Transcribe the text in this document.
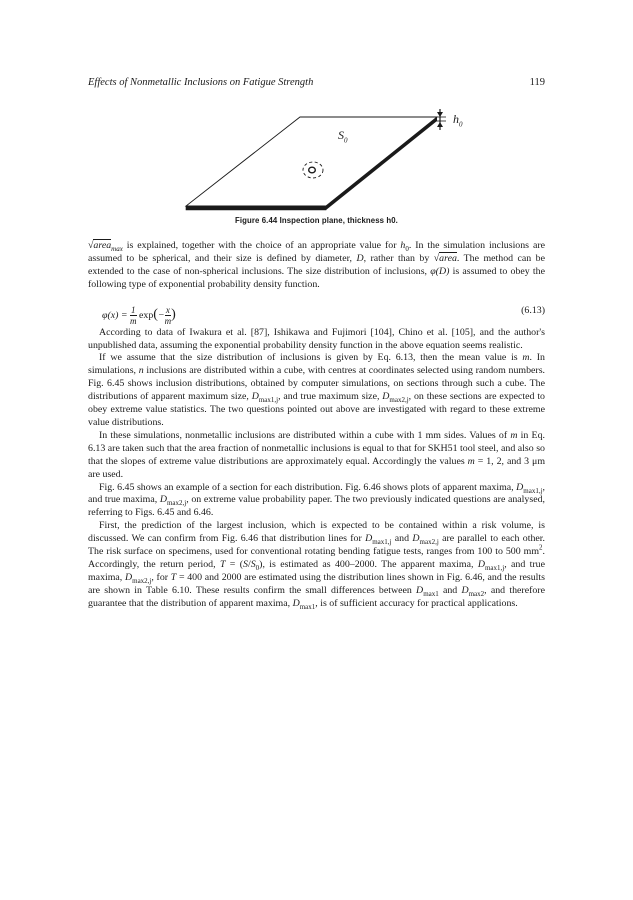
Effects of Nonmetallic Inclusions on Fatigue Strength	119
$S_0$
$h_0$
Figure 6.44 Inspection plane, thickness h0.

√area$_{max}$ is explained, together with the choice of an appropriate value for $h_0$. In the simulation inclusions are assumed to be spherical, and their size is defined by diameter, D, rather than by √area. The method can be extended to the case of non-spherical inclusions. The size distribution of inclusions, φ(D) is assumed to obey the following type of exponential probability density function.

$\varphi(x) = \frac{1}{m} \exp(- \frac{x}{m}$ )	(6.13)

According to data of Iwakura et al. [87], Ishikawa and Fujimori [104], Chino et al. [105], and the author's unpublished data, assuming the exponential probability density function in the above equation seems realistic.

If we assume that the size distribution of inclusions is given by Eq. 6.13, then the mean value is m. In simulations, n inclusions are distributed within a cube, with centres at coordinates selected using random numbers. Fig. 6.45 shows inclusion distributions, obtained by computer simulations, on sections through such a cube. The distributions of apparent maximum size, $D_{max1,j}$, and true maximum size, $D_{max2,j}$, on these sections are expected to obey extreme value statistics. The two questions pointed out above are investigated with regard to these extreme value distributions.

In these simulations, nonmetallic inclusions are distributed within a cube with 1 mm sides. Values of m in Eq. 6.13 are taken such that the area fraction of nonmetallic inclusions is equal to that for SKH51 tool steel, and also so that the slopes of extreme value distributions are approximately equal. Accordingly the values m = 1, 2, and 3 μm are used.

Fig. 6.45 shows an example of a section for each distribution. Fig. 6.46 shows plots of apparent maxima, $D_{max1,j}$, and true maxima, $D_{max2,j}$, on extreme value probability paper. The two previously indicated questions are analysed, referring to Figs. 6.45 and 6.46.

First, the prediction of the largest inclusion, which is expected to be contained within a risk volume, is discussed. We can confirm from Fig. 6.46 that distribution lines for $D_{max1,j}$ and $D_{max2,j}$ are parallel to each other. The risk surface on specimens, used for conventional rotating bending fatigue tests, ranges from 100 to 500 $mm^2$. Accordingly, the return period, $T = (S/S_0)$, is estimated as 400–2000. The apparent maxima, $D_{max1,j}$, and true maxima, $D_{max2,j}$, for T = 400 and 2000 are estimated using the distribution lines shown in Fig. 6.46, and the results are shown in Table 6.10. These results confirm the small differences between $D_{max1}$ and $D_{max2}$, and therefore guarantee that the distribution of apparent maxima, $D_{max1}$, is of sufficient accuracy for practical applications.
